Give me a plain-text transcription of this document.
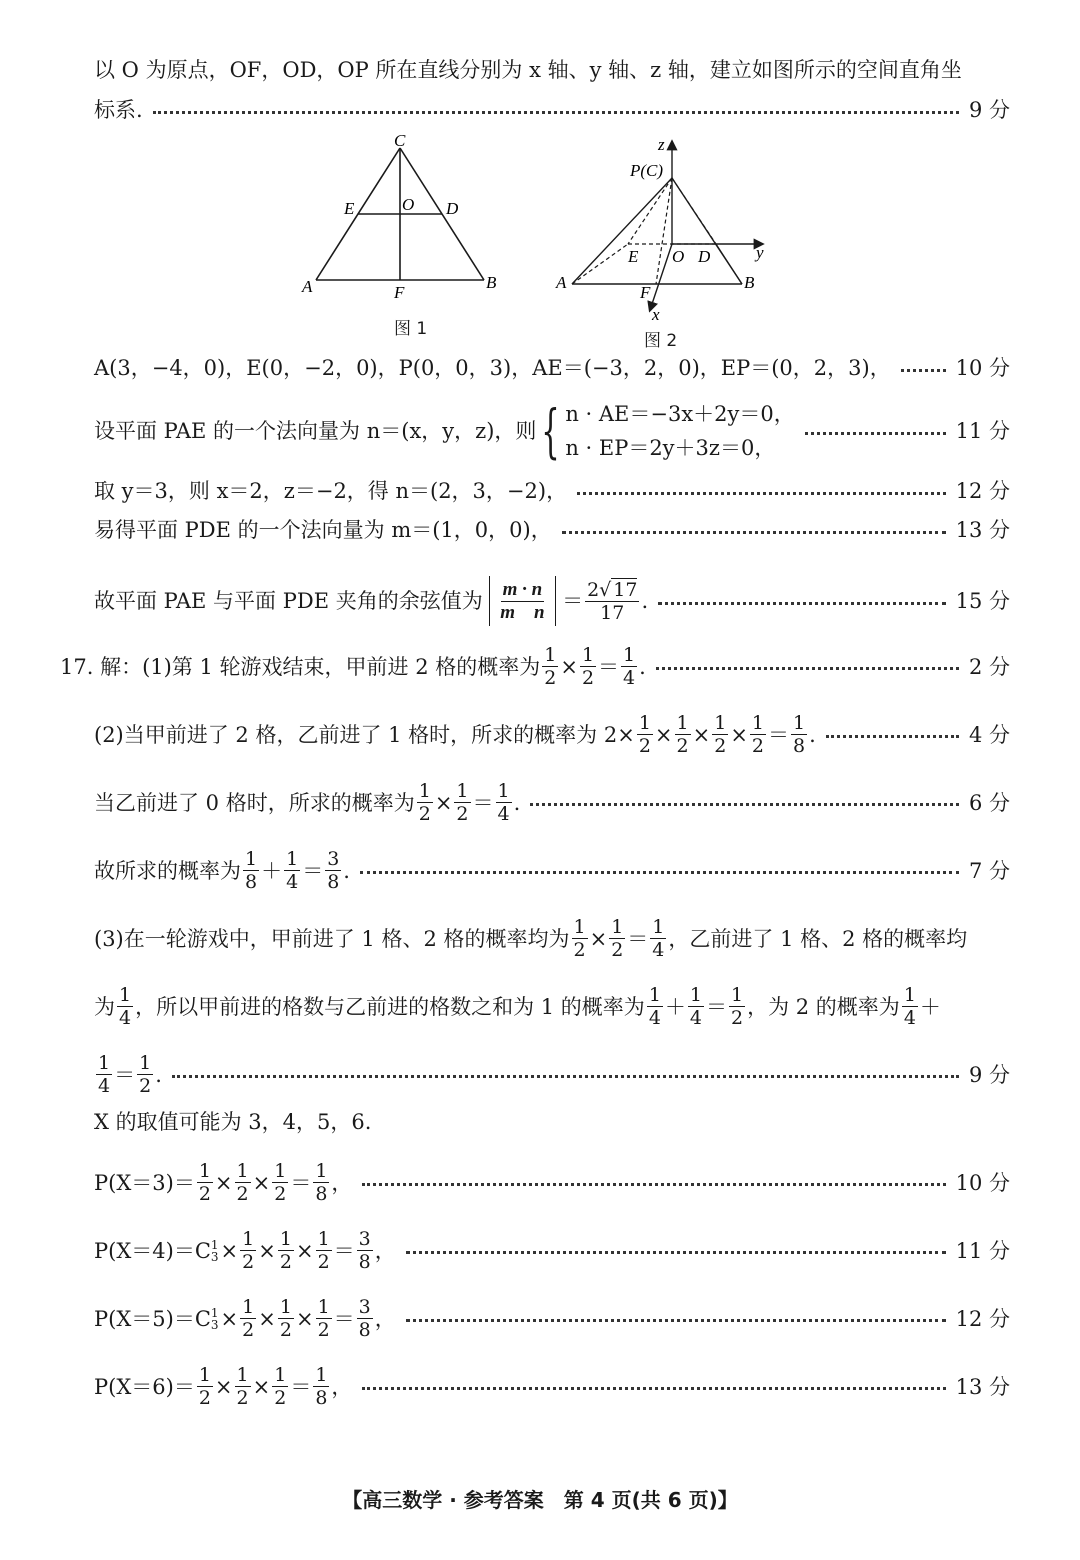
以 O 为原点，OF，OD，OP 所在直线分别为 x 轴、y 轴、z 轴，建立如图所示的空间直角坐
标系.	9 分
C
E	O D
A	F
B
图 1
z
P(C)
y
E O D
A	B
F
x
图 2
A(3，−4，0)，E(0，−2，0)，P(0，0，3)，AE＝(−3，2，0)，EP＝(0，2，3)，	10 分
设平面 PAE 的一个法向量为 n＝(x，y，z)，则 { n · AE＝−3x＋2y＝0，
n · EP＝2y＋3z＝0，
11 分
取 y＝3，则 x＝2，z＝−2，得 n＝(2，3，−2)，	12 分
易得平面 PDE 的一个法向量为 m＝(1，0，0)，	13 分
故平面 PAE 与平面 PDE 夹角的余弦值为 $\frac{m \cdot n}{\text{m    n}} = \frac{2√ 17}{17}$ .	15 分
17. 解：(1)第 1 轮游戏结束，甲前进 2 格的概率为 $\frac{1}{2} \times \frac{1}{2} = \frac{1}{4}$ .	2 分
(2)当甲前进了 2 格，乙前进了 1 格时，所求的概率为 $2\times \frac{1}{2} \times \frac{1}{2} \times \frac{1}{2} \times \frac{1}{2} = \frac{1}{8}$ .	4 分
当乙前进了 0 格时，所求的概率为 $\frac{1}{2} \times \frac{1}{2} = \frac{1}{4}$ .	6 分
故所求的概率为 $\frac{1}{8} + \frac{1}{4} = \frac{3}{8}$ .	7 分
(3)在一轮游戏中，甲前进了 1 格、2 格的概率均为 $\frac{1}{2} \times \frac{1}{2} = \frac{1}{4}$ ，乙前进了 1 格、2 格的概率均
为 $\frac{1}{4}$ ，所以甲前进的格数与乙前进的格数之和为 1 的概率为 $\frac{1}{4} + \frac{1}{4} = \frac{1}{2}$ ，为 2 的概率为 $\frac{1}{4}$ ＋
$\frac{1}{4} = \frac{1}{2}$ .	9 分
X 的取值可能为 3，4，5，6.
$P(X=3)= \frac{1}{2} \times \frac{1}{2} \times \frac{1}{2} = \frac{1}{8}$ ，	10 分
P(X＝4)＝C 1
$3 \times \frac{1}{2} \times \frac{1}{2} \times \frac{1}{2} = \frac{3}{8}$ ，	11 分
P(X＝5)＝C 1
$3 \times \frac{1}{2} \times \frac{1}{2} \times \frac{1}{2} = \frac{3}{8}$ ，	12 分
$P(X=6)= \frac{1}{2} \times \frac{1}{2} \times \frac{1}{2} = \frac{1}{8}$ ，	13 分
【高三数学 · 参考答案　第 4 页(共 6 页)】
